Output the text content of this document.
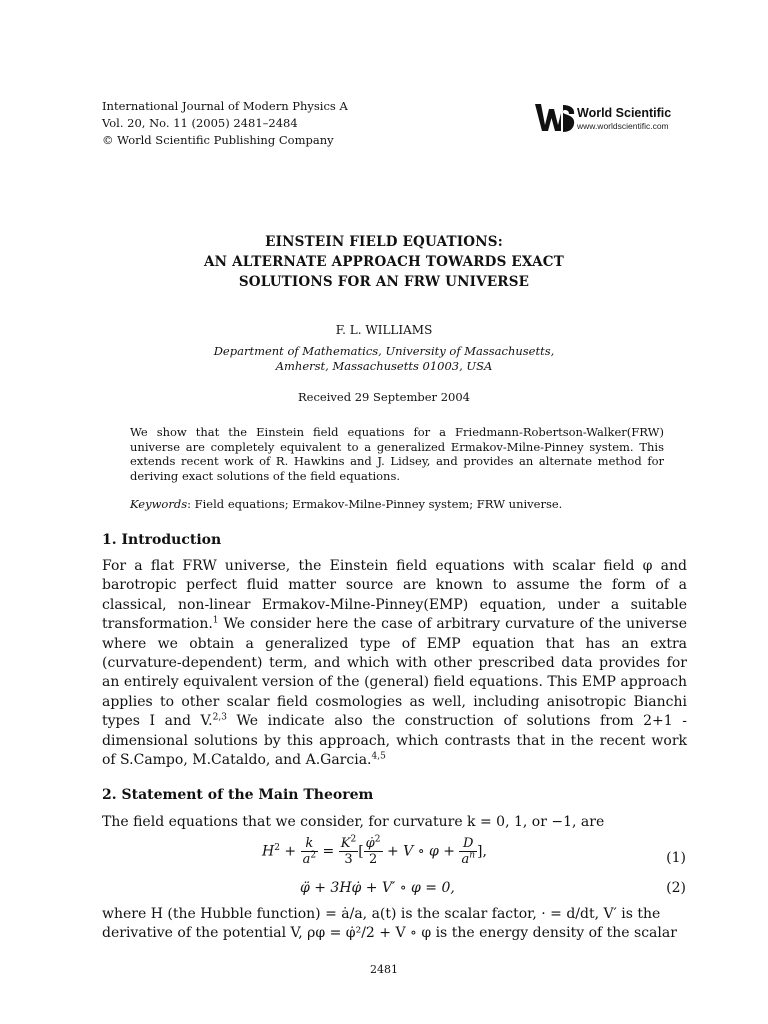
International Journal of Modern Physics A
Vol. 20, No. 11 (2005) 2481–2484
© World Scientific Publishing Company
World Scientific
www.worldscientific.com
EINSTEIN FIELD EQUATIONS:
AN ALTERNATE APPROACH TOWARDS EXACT
SOLUTIONS FOR AN FRW UNIVERSE
F. L. WILLIAMS
Department of Mathematics, University of Massachusetts,
Amherst, Massachusetts 01003, USA
Received 29 September 2004
We show that the Einstein field equations for a Friedmann-Robertson-Walker(FRW) universe are completely equivalent to a generalized Ermakov-Milne-Pinney system. This extends recent work of R. Hawkins and J. Lidsey, and provides an alternate method for deriving exact solutions of the field equations.
Keywords: Field equations; Ermakov-Milne-Pinney system; FRW universe.
1. Introduction

For a flat FRW universe, the Einstein field equations with scalar field φ and barotropic perfect fluid matter source are known to assume the form of a classical, non-linear Ermakov-Milne-Pinney(EMP) equation, under a suitable transformation.$^1$ We consider here the case of arbitrary curvature of the universe where we obtain a generalized type of EMP equation that has an extra (curvature-dependent) term, and which with other prescribed data provides for an entirely equivalent version of the (general) field equations. This EMP approach applies to other scalar field cosmologies as well, including anisotropic Bianchi types I and V.$^{2,3}$ We indicate also the construction of solutions from 2+1 - dimensional solutions by this approach, which contrasts that in the recent work of S.Campo, M.Cataldo, and A.Garcia.$^{4,5}$

2. Statement of the Main Theorem
The field equations that we consider, for curvature k = 0, 1, or −1, are
$H^2 + \frac{k}{a^2} = \frac{K^2}{3}$ [ $\frac{\varphi̇^2}{2} + V$ ∘ $\varphi + \frac{D}{a^n}$ ],	(1)
φ̈ + 3Hφ̇ + V′ ∘ φ = 0,	(2)
where H (the Hubble function) = ȧ/a, a(t) is the scalar factor, · = d/dt, V′ is the
derivative of the potential V, ρφ = φ̇²/2 + V ∘ φ is the energy density of the scalar
2481
